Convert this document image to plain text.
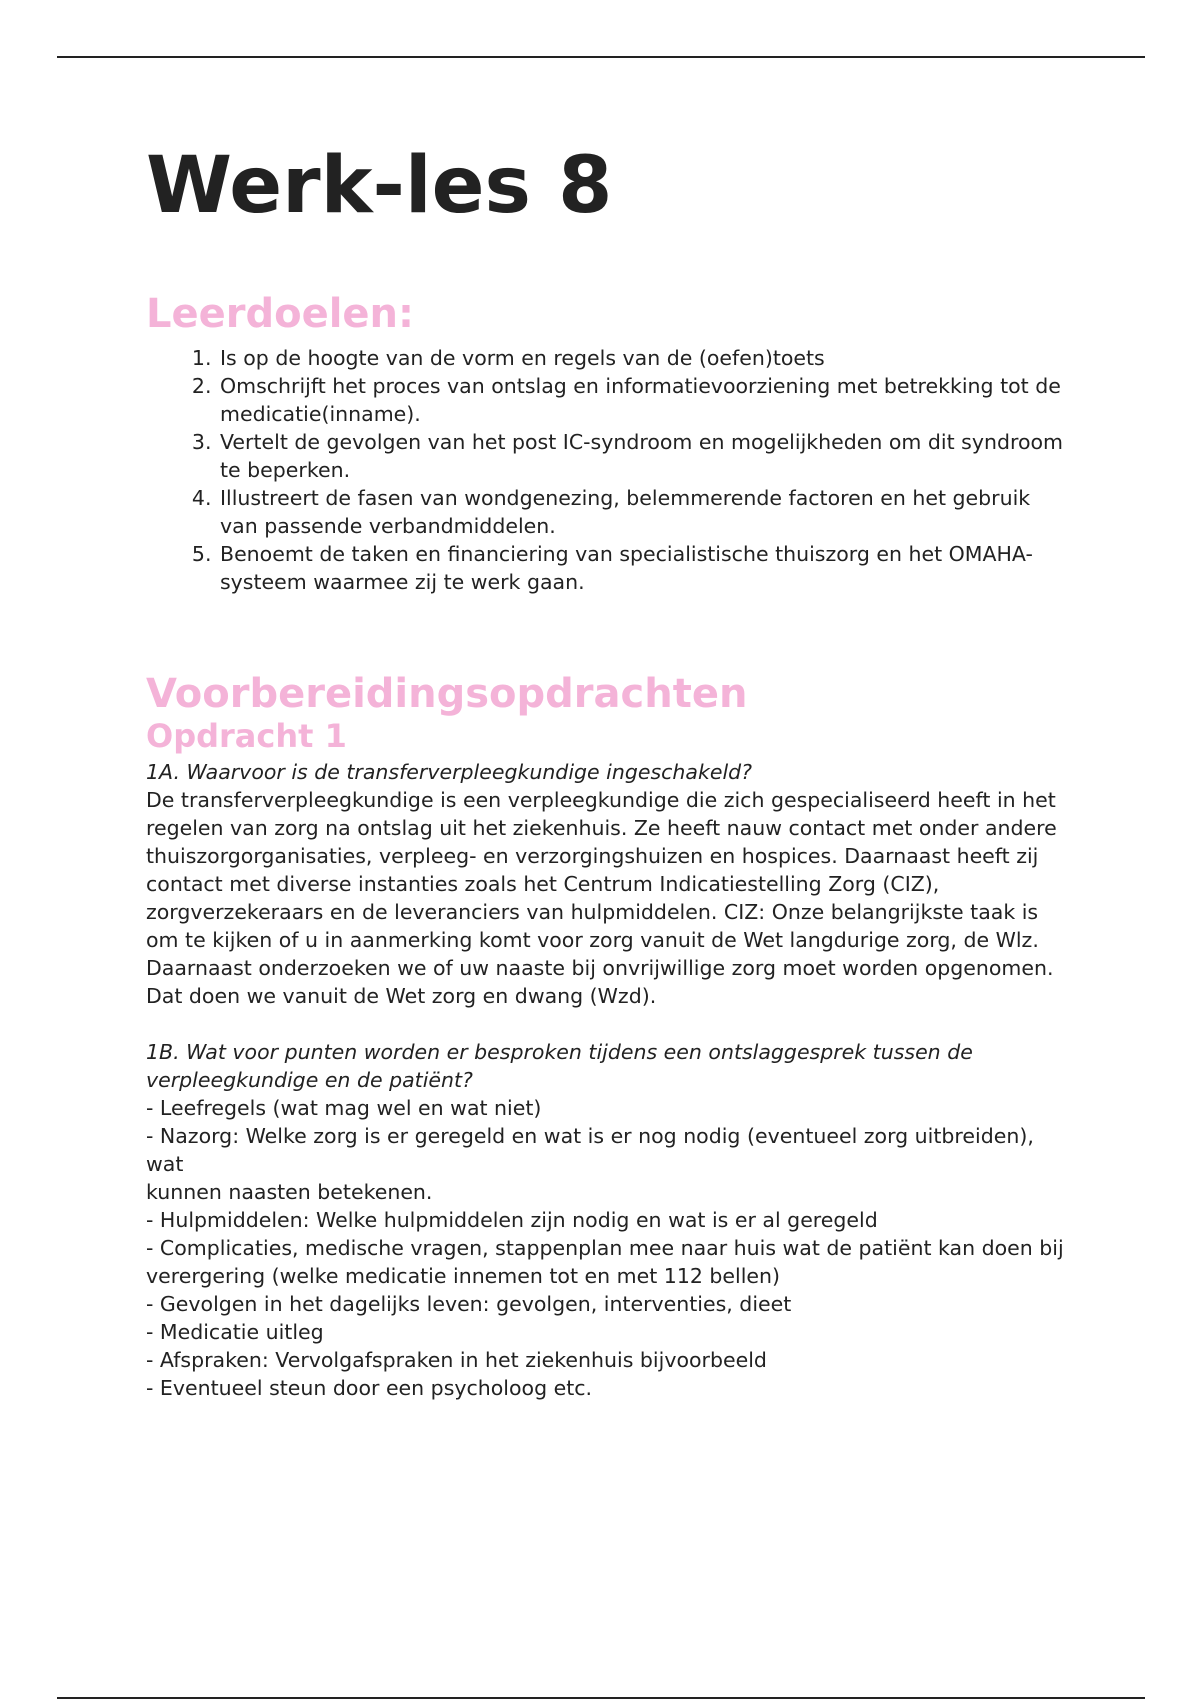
Werk-les 8
Leerdoelen:
1. Is op de hoogte van de vorm en regels van de (oefen)toets
2. Omschrijft het proces van ontslag en informatievoorziening met betrekking tot de medicatie(inname).
3. Vertelt de gevolgen van het post IC-syndroom en mogelijkheden om dit syndroom te beperken.
4. Illustreert de fasen van wondgenezing, belemmerende factoren en het gebruik van passende verbandmiddelen.
5. Benoemt de taken en financiering van specialistische thuiszorg en het OMAHA-systeem waarmee zij te werk gaan.
Voorbereidingsopdrachten
Opdracht 1

1A. Waarvoor is de transferverpleegkundige ingeschakeld?

De transferverpleegkundige is een verpleegkundige die zich gespecialiseerd heeft in het regelen van zorg na ontslag uit het ziekenhuis. Ze heeft nauw contact met onder andere thuiszorgorganisaties, verpleeg- en verzorgingshuizen en hospices. Daarnaast heeft zij contact met diverse instanties zoals het Centrum Indicatiestelling Zorg (CIZ), zorgverzekeraars en de leveranciers van hulpmiddelen. CIZ: Onze belangrijkste taak is om te kijken of u in aanmerking komt voor zorg vanuit de Wet langdurige zorg, de Wlz. Daarnaast onderzoeken we of uw naaste bij onvrijwillige zorg moet worden opgenomen. Dat doen we vanuit de Wet zorg en dwang (Wzd).

1B. Wat voor punten worden er besproken tijdens een ontslaggesprek tussen de verpleegkundige en de patiënt?

- Leefregels (wat mag wel en wat niet)
- Nazorg: Welke zorg is er geregeld en wat is er nog nodig (eventueel zorg uitbreiden), wat
kunnen naasten betekenen.
- Hulpmiddelen: Welke hulpmiddelen zijn nodig en wat is er al geregeld
- Complicaties, medische vragen, stappenplan mee naar huis wat de patiënt kan doen bij
verergering (welke medicatie innemen tot en met 112 bellen)
- Gevolgen in het dagelijks leven: gevolgen, interventies, dieet
- Medicatie uitleg
- Afspraken: Vervolgafspraken in het ziekenhuis bijvoorbeeld
- Eventueel steun door een psycholoog etc.
